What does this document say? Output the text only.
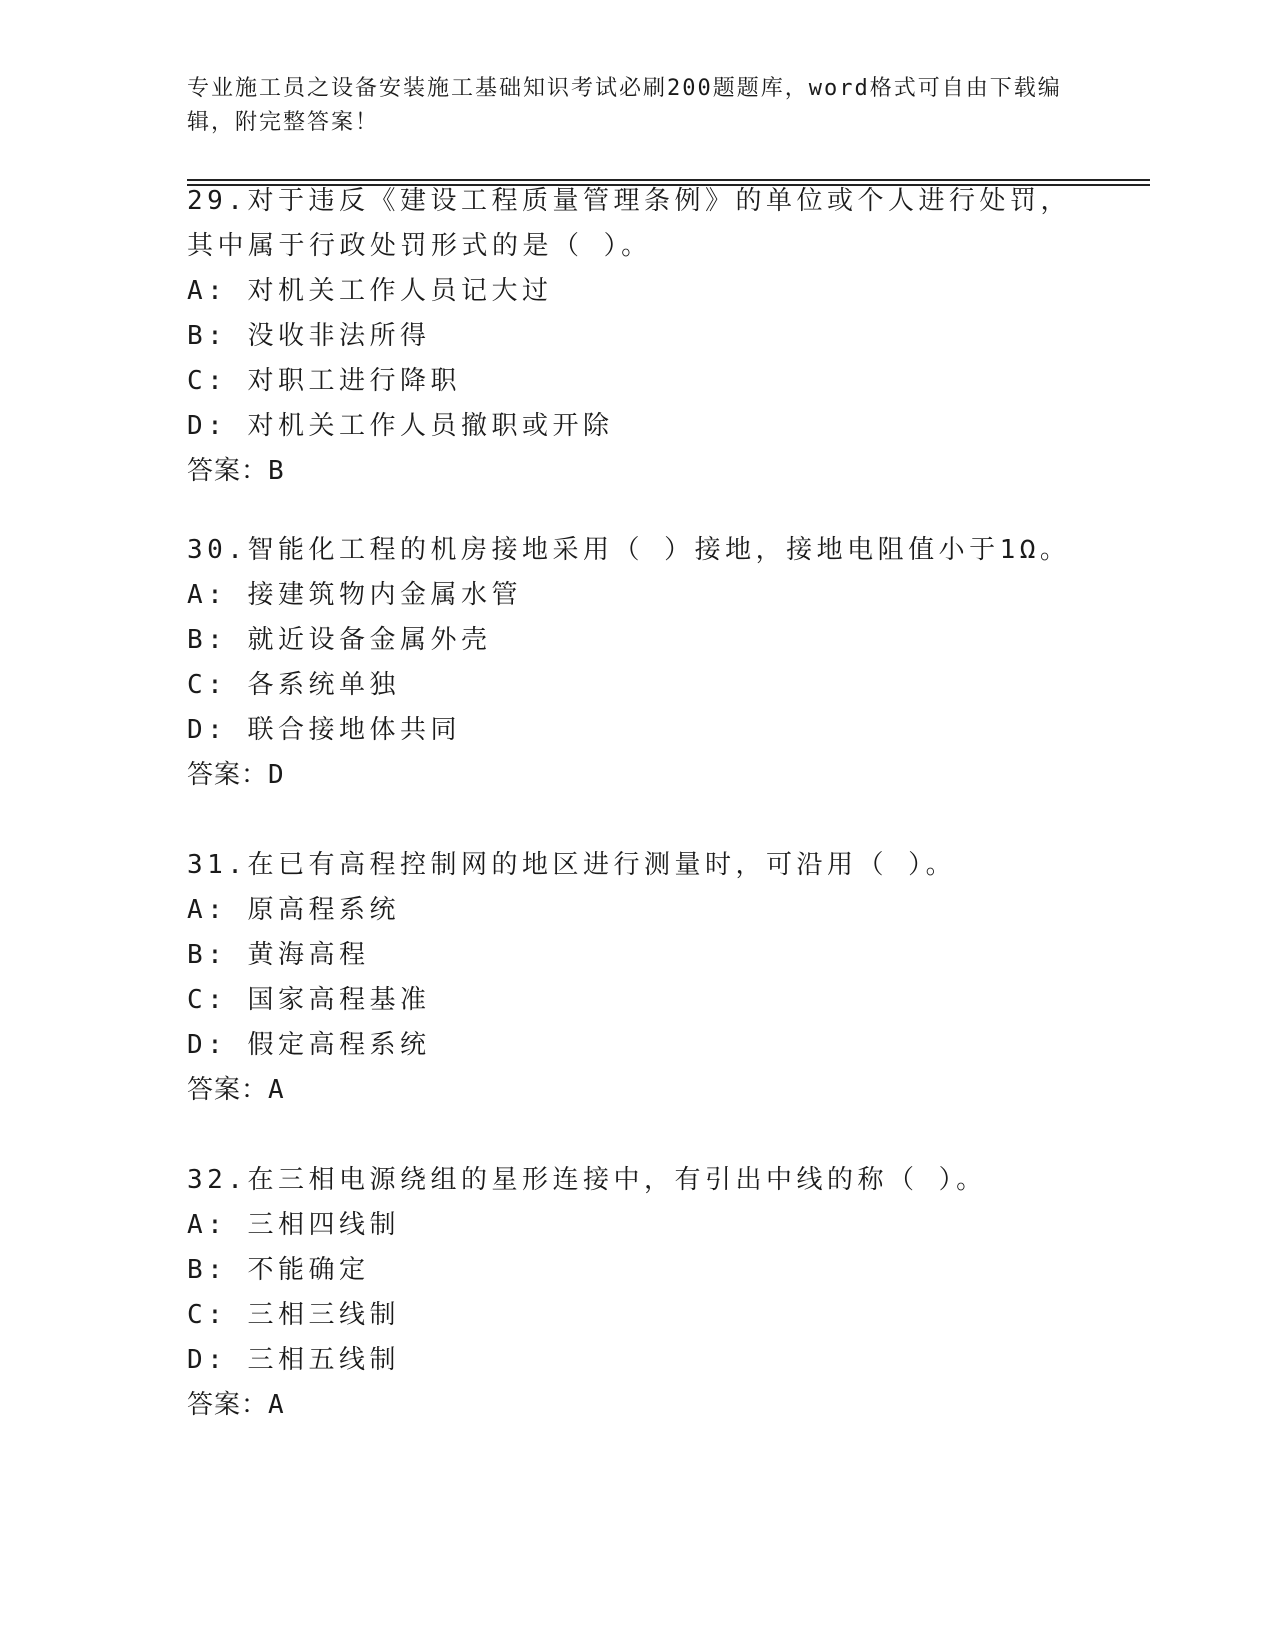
专业施工员之设备安装施工基础知识考试必刷200题题库，word格式可自由下载编辑，附完整答案！
29.对于违反《建设工程质量管理条例》的单位或个人进行处罚，其中属于行政处罚形式的是（ ）。
A: 对机关工作人员记大过
B: 没收非法所得
C: 对职工进行降职
D: 对机关工作人员撤职或开除
答案：B
30.智能化工程的机房接地采用（ ）接地，接地电阻值小于1Ω。
A: 接建筑物内金属水管
B: 就近设备金属外壳
C: 各系统单独
D: 联合接地体共同
答案：D
31.在已有高程控制网的地区进行测量时，可沿用（ ）。
A: 原高程系统
B: 黄海高程
C: 国家高程基准
D: 假定高程系统
答案：A
32.在三相电源绕组的星形连接中，有引出中线的称（ ）。
A: 三相四线制
B: 不能确定
C: 三相三线制
D: 三相五线制
答案：A
